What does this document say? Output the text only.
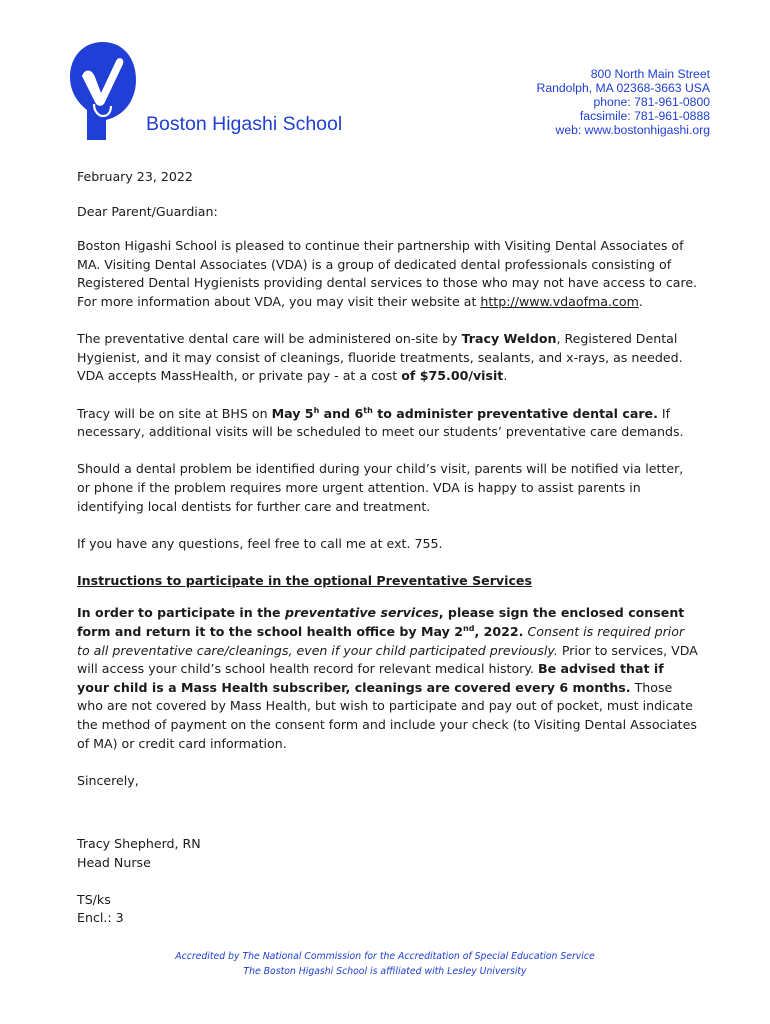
Boston Higashi School
800 North Main Street
Randolph, MA 02368-3663 USA
phone: 781-961-0800
facsimile: 781-961-0888
web: www.bostonhigashi.org

February 23, 2022

Dear Parent/Guardian:

Boston Higashi School is pleased to continue their partnership with Visiting Dental Associates of MA. Visiting Dental Associates (VDA) is a group of dedicated dental professionals consisting of Registered Dental Hygienists providing dental services to those who may not have access to care. For more information about VDA, you may visit their website at http://www.vdaofma.com.

The preventative dental care will be administered on-site by Tracy Weldon, Registered Dental Hygienist, and it may consist of cleanings, fluoride treatments, sealants, and x-rays, as needed. VDA accepts MassHealth, or private pay - at a cost of $75.00/visit.

Tracy will be on site at BHS on May 5$^h$ and 6th to administer preventative dental care. If necessary, additional visits will be scheduled to meet our students’ preventative care demands.

Should a dental problem be identified during your child’s visit, parents will be notified via letter, or phone if the problem requires more urgent attention. VDA is happy to assist parents in identifying local dentists for further care and treatment.

If you have any questions, feel free to call me at ext. 755.

Instructions to participate in the optional Preventative Services

In order to participate in the preventative services, please sign the enclosed consent form and return it to the school health office by May 2nd, 2022. Consent is required prior to all preventative care/cleanings, even if your child participated previously. Prior to services, VDA will access your child’s school health record for relevant medical history. Be advised that if your child is a Mass Health subscriber, cleanings are covered every 6 months. Those who are not covered by Mass Health, but wish to participate and pay out of pocket, must indicate the method of payment on the consent form and include your check (to Visiting Dental Associates of MA) or credit card information.

Sincerely,

Tracy Shepherd, RN
Head Nurse
TS/ks
Encl.: 3
Accredited by The National Commission for the Accreditation of Special Education Service
The Boston Higashi School is affiliated with Lesley University
